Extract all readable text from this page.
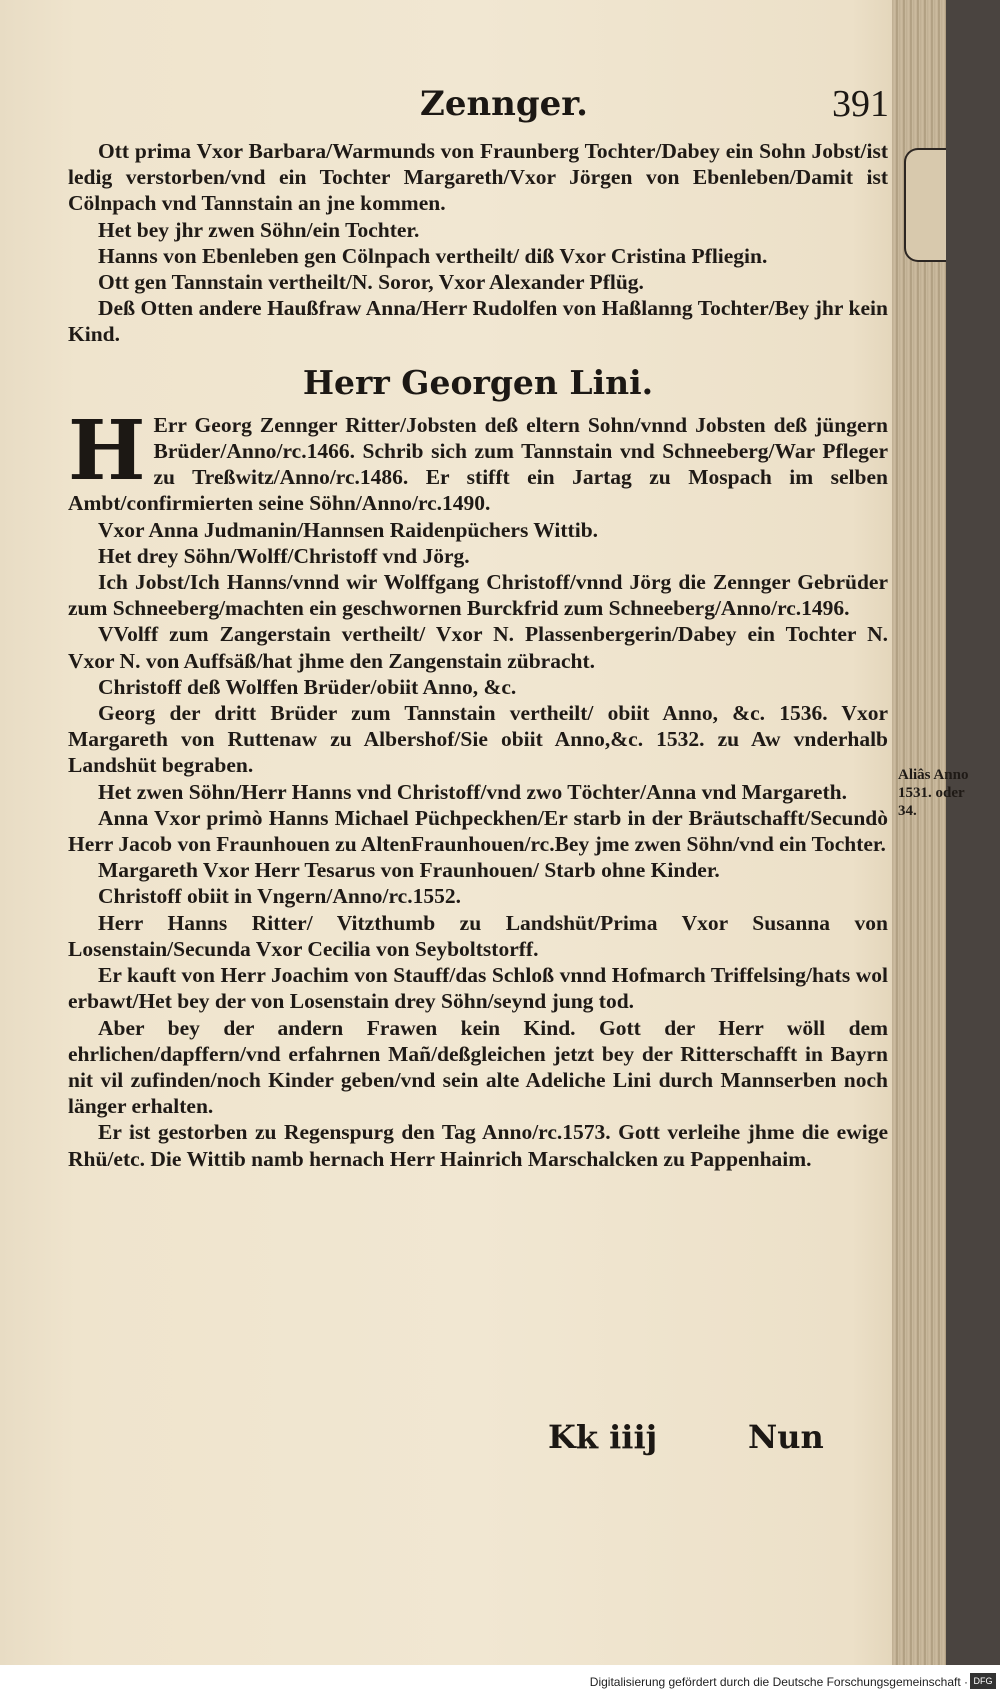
Zennger.	391

Ott prima Vxor Barbara/Warmunds von Fraunberg Tochter/Dabey ein Sohn Jobst/ist ledig verstorben/vnd ein Tochter Margareth/Vxor Jörgen von Ebenleben/Damit ist Cölnpach vnd Tannstain an jne kommen.

Het bey jhr zwen Söhn/ein Tochter.

Hanns von Ebenleben gen Cölnpach vertheilt/ diß Vxor Cristina Pfliegin.

Ott gen Tannstain vertheilt/N. Soror, Vxor Alexander Pflüg.

Deß Otten andere Haußfraw Anna/Herr Rudolfen von Haßlanng Tochter/Bey jhr kein Kind.

Herr Georgen Lini.

H Err Georg Zennger Ritter/Jobsten deß eltern Sohn/vnnd Jobsten deß jüngern Brüder/Anno/rc.1466. Schrib sich zum Tannstain vnd Schneeberg/War Pfleger zu Treßwitz/Anno/rc.1486. Er stifft ein Jartag zu Mospach im selben Ambt/confirmierten seine Söhn/Anno/rc.1490.

Vxor Anna Judmanin/Hannsen Raidenpüchers Wittib.

Het drey Söhn/Wolff/Christoff vnd Jörg.

Ich Jobst/Ich Hanns/vnnd wir Wolffgang Christoff/vnnd Jörg die Zennger Gebrüder zum Schneeberg/machten ein geschwornen Burckfrid zum Schneeberg/Anno/rc.1496.

VVolff zum Zangerstain vertheilt/ Vxor N. Plassenbergerin/Dabey ein Tochter N. Vxor N. von Auffsäß/hat jhme den Zangenstain zübracht.

Christoff deß Wolffen Brüder/obiit Anno, &c.

Georg der dritt Brüder zum Tannstain vertheilt/ obiit Anno, &c. 1536. Vxor Margareth von Ruttenaw zu Albershof/Sie obiit Anno,&c. 1532. zu Aw vnderhalb Landshüt begraben.

Het zwen Söhn/Herr Hanns vnd Christoff/vnd zwo Töchter/Anna vnd Margareth.

Anna Vxor primò Hanns Michael Püchpeckhen/Er starb in der Bräutschafft/Secundò Herr Jacob von Fraunhouen zu AltenFraunhouen/rc.Bey jme zwen Söhn/vnd ein Tochter.

Margareth Vxor Herr Tesarus von Fraunhouen/ Starb ohne Kinder.

Christoff obiit in Vngern/Anno/rc.1552.

Herr Hanns Ritter/ Vitzthumb zu Landshüt/Prima Vxor Susanna von Losenstain/Secunda Vxor Cecilia von Seyboltstorff.

Er kauft von Herr Joachim von Stauff/das Schloß vnnd Hofmarch Triffelsing/hats wol erbawt/Het bey der von Losenstain drey Söhn/seynd jung tod.

Aber bey der andern Frawen kein Kind. Gott der Herr wöll dem ehrlichen/dapffern/vnd erfahrnen Mañ/deßgleichen jetzt bey der Ritterschafft in Bayrn nit vil zufinden/noch Kinder geben/vnd sein alte Adeliche Lini durch Mannserben noch länger erhalten.

Er ist gestorben zu Regenspurg den Tag Anno/rc.1573. Gott verleihe jhme die ewige Rhü/etc. Die Wittib namb hernach Herr Hainrich Marschalcken zu Pappenhaim.

Aliâs Anno 1531. oder 34.
Kk iiij	Nun
Digitalisierung gefördert durch die Deutsche Forschungsgemeinschaft · DFG
